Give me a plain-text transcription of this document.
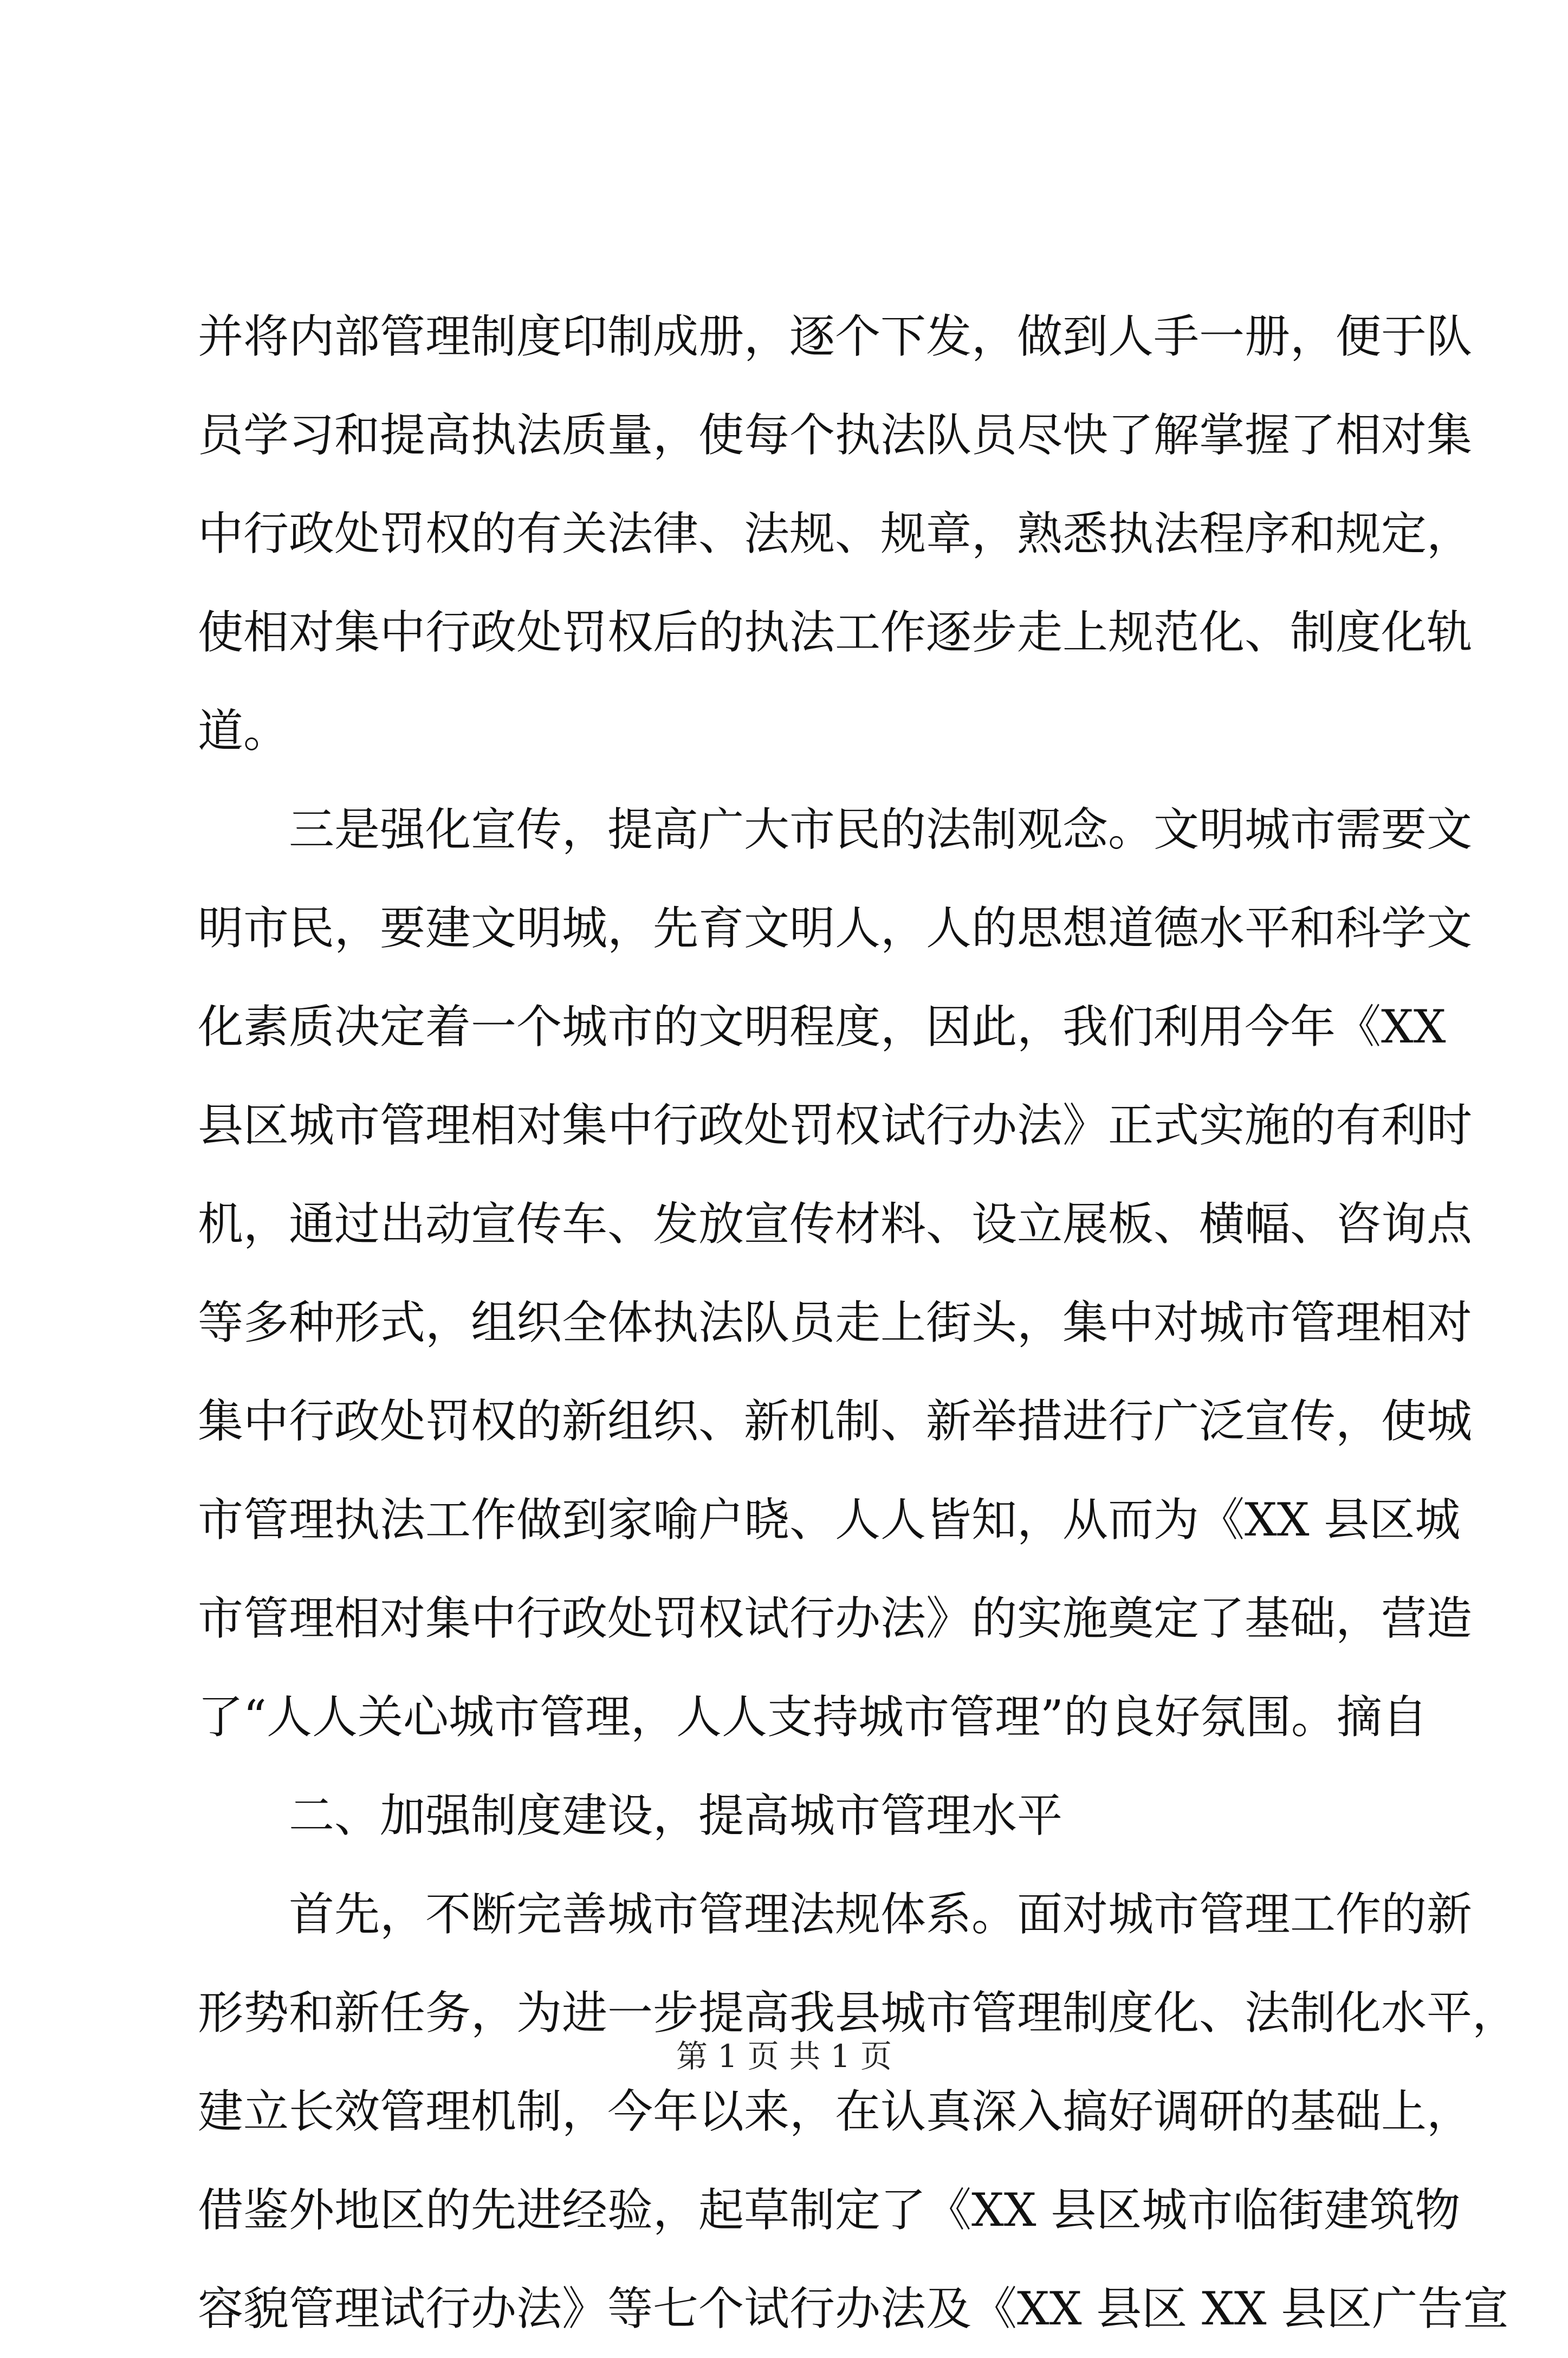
并将内部管理制度印制成册，逐个下发，做到人手一册，便于队
员学习和提高执法质量，使每个执法队员尽快了解掌握了相对集
中行政处罚权的有关法律、法规、规章，熟悉执法程序和规定，
使相对集中行政处罚权后的执法工作逐步走上规范化、制度化轨
道。
三是强化宣传，提高广大市民的法制观念。文明城市需要文
明市民，要建文明城，先育文明人，人的思想道德水平和科学文
化素质决定着一个城市的文明程度，因此，我们利用今年《XX
县区城市管理相对集中行政处罚权试行办法》正式实施的有利时
机，通过出动宣传车、发放宣传材料、设立展板、横幅、咨询点
等多种形式，组织全体执法队员走上街头，集中对城市管理相对
集中行政处罚权的新组织、新机制、新举措进行广泛宣传，使城
市管理执法工作做到家喻户晓、人人皆知，从而为《XX 县区城
市管理相对集中行政处罚权试行办法》的实施奠定了基础，营造
了“人人关心城市管理，人人支持城市管理”的良好氛围。摘自
二、加强制度建设，提高城市管理水平
首先，不断完善城市管理法规体系。面对城市管理工作的新
形势和新任务，为进一步提高我县城市管理制度化、法制化水平，
建立长效管理机制，今年以来，在认真深入搞好调研的基础上，
借鉴外地区的先进经验，起草制定了《XX 县区城市临街建筑物
容貌管理试行办法》等七个试行办法及《XX 县区 XX 县区广告宣
第 1 页 共 1 页
